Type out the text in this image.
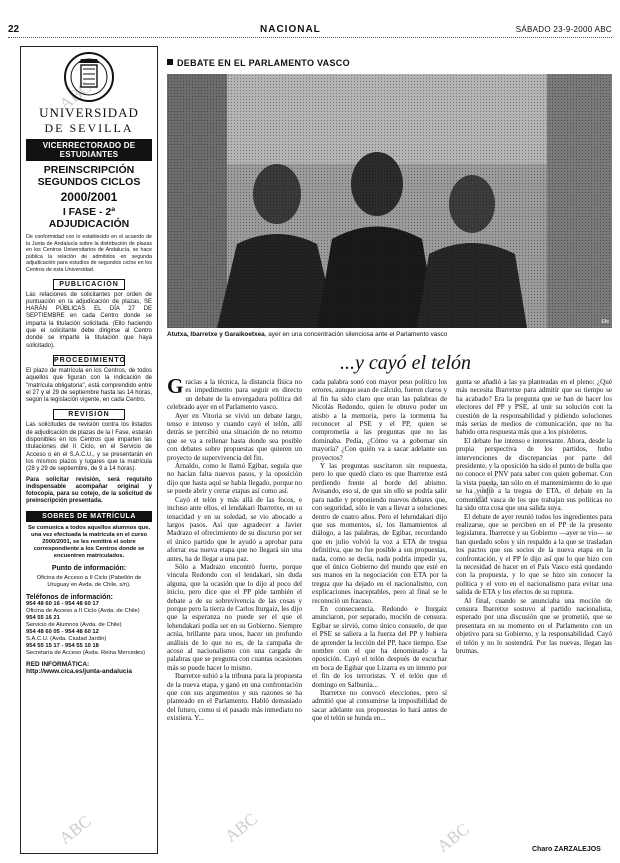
22	NACIONAL	SÁBADO 23-9-2000 ABC
ABC
ABC
ABC
ABC	ABC
UNIVERSIDAD
DE SEVILLA
VICERRECTORADO DE ESTUDIANTES
PREINSCRIPCIÓN SEGUNDOS CICLOS
2000/2001
I FASE - 2ª ADJUDICACIÓN
De conformidad con lo establecido en el acuerdo de la Junta de Andalucía sobre la distribución de plazas en los Centros Universitarios de Andalucía, se hace pública la relación de admitidos en segunda adjudicación para estudios de segundos ciclos en los Centros de esta Universidad.
PUBLICACIÓN
Las relaciones de solicitantes por orden de puntuación en la adjudicación de plazas, SE HARÁN PÚBLICAS EL DÍA 27 DE SEPTIEMBRE en cada Centro donde se imparta la titulación solicitada. (Ello haciendo que el solicitante debe dirigirse al Centro donde se imparte la titulación que haya solicitado).
PROCEDIMIENTO
El plazo de matrícula en los Centros, de todos aquellos que figuran con la indicación de "matrícula obligatoria", está comprendido entre el 27 y el 29 de septiembre hasta las 14 horas, según la legislación vigente, en cada Centro.
REVISIÓN
Las solicitudes de revisión contra los listados de adjudicación de plazas de la I Fase, estarán disponibles en los Centros que imparten las titulaciones del II Ciclo, en el Servicio de Acceso o en el S.A.C.U., y se presentarán en los mismos plazos y lugares que la matrícula (28 y 29 de septiembre, de 9 a 14 horas).
Para solicitar revisión, será requisito indispensable acompañar original y fotocopia, para su cotejo, de la solicitud de preinscripción presentada.
SOBRES DE MATRÍCULA
Se comunica a todos aquellos alumnos que, una vez efectuada la matrícula en el curso 2000/2001, se les remitirá el sobre correspondiente a los Centros donde se encuentren matriculados.
Punto de información:
Oficina de Acceso a II Ciclo (Pabellón de Uruguay en Avda. de Chile, s/n).
Teléfonos de información:
954 48 60 16 - 954 48 60 17
Oficina de Acceso a II Ciclo (Avda. de Chile)
954 55 16 21
Servicio de Alumnos (Avda. de Chile)
954 48 60 05 - 954 48 60 12
S.A.C.U. (Avda. Ciudad Jardín)
954 55 15 17 - 954 55 10 18
Secretaría de Acceso (Avda. Reina Mercedes)
RED INFORMÁTICA: http://www.cica.es/junta-andalucia
DEBATE EN EL PARLAMENTO VASCO
Efe
Atutxa, Ibarretxe y Garaikoetxea, ayer en una concentración silenciosa ante el Parlamento vasco
...y cayó el telón

Gracias a la técnica, la distancia física no es impedimento para seguir en directo un debate de la envergadura política del celebrado ayer en el Parlamento vasco.

Ayer en Vitoria se vivió un debate largo, tenso e intenso y cuando cayó el telón, allí detrás se percibió una situación de no retorno que se va a rellenar hasta donde sea posible con debates sobre propuestas que quieren un proyecto de supervivencia del fin.

Arnaldo, como le llamó Egibar, seguía que no hacían falta nuevos pasos, y la oposición dijo que hasta aquí se había llegado, porque no se puede abrir y cerrar etapas así como así.

Cayó el telón y más allá de las focos, e incluso ante ellos, el lendakari Ibarretxe, en su tenacidad y en su soledad, se vio abocado a largos pasos. Así que agradecer a Javier Madrazo el ofrecimiento de su discurso por ser el único partido que le ayudó a aprobar para aforrar esa nueva etapa que no llegará sin una antes, ha de llegar a una paz.

Sólo a Madrazo encontró fuerte, porque vincula Redondo con el lendakari, sin duda alguna, que la ocasión que lo dijo al poco del inicio, pero dice que el PP pide también el debate a de su sobrevivencia de las cosas y porque pero la tierra de Carlos Iturgaiz, les dijo que la esperanza no puede ser el que el lehendakari podía ser en su Gobierno. Siempre actúa, brillante para unos, hacer un profundo análisis de lo que no es, de la campaña de acoso al nacionalismo con una cargada de palabras que se pregunta con cuantas ocasiones más se puede hacer lo mismo.

Ibarretxe subió a la tribuna para la propuesta de la nueva etapa, y ganó en una confrontación que con sus argumentos y sus razones se ha planteado en el Parlamento. Habló demasiado del futuro, como si el pasado más inmediato no existiera. Y...

cada palabra sonó con mayor peso político los errores, aunque sean de cálculo, fueron claros y al fin ha sido claro que eran las palabras de Nicolás Redondo, quien le obtuvo poder un atisbo a la memoria, pero la tormenta ha reconocer al PSE y el PP, quien se comprometía a las preguntas que no las dominaba. Pedía, ¿Cómo va a gobernar sin mayoría? ¿Con quién va a sacar adelante sus proyectos?

Y las preguntas suscitaron sin respuesta, pero lo que quedó claro es que Ibarretxe está perdiendo frente al borde del abismo. Avisando, eso sí, de que sin ello se podría salir para nadie y proponiendo nuevos debates que, con seguridad, sólo le van a llevar a soluciones dentro de cuatro años. Pero el lehendakari dijo que sus momentos, sí, los llamamientos al diálogo, a las palabras, de Egibar, recordando que en julio volvió la voz a ETA de tregua definitiva, que no fue posible a sus propuestas, nada, como se decía, nada podría impedir ya, que el único Gobierno del mundo que esté en sus manos en la negociación con ETA por la tregua que ha dejado en el nacionalismo, con explicaciones inaceptables, pero al final se le reconoció un fracaso.

En consecuencia, Redondo e Iturgaiz anunciaron, por separado, moción de censura. Egibar se sirvió, como único consuelo, de que el PSE se saliera a la fuerza del PP y hubiera de aprender la lección del PP, hace tiempo. Ese nombre con el que ha denominado a la oposición. Cayó el telón después de escuchar en boca de Egibar que Lizarra es un intento por el fin de los terroristas. Y el telón que el domingo en Salburúa...

Ibarretxe no convocó elecciones, pero sí admitió que al consumirse la imposibilidad de sacar adelante sus propuestas lo hará antes de que el telón se hunda en...

gunta se añadió a las ya planteadas en el pleno: ¿Qué más necesita Ibarretxe para admitir que su tiempo se ha acabado? Era la pregunta que se han de hacer los electores del PP y PSE, al unir su solución con la cuestión de la responsabilidad y pidiendo soluciones más serias de medios de comunicación, que no ha habido otra respuesta más que a los pistoleros.

El debate fue intenso e interesante. Ahora, desde la propia perspectiva de los partidos, hubo intervenciones de discrepancias por parte del presidente, y la oposición ha sido el punto de bulla que no conoce el PNV para saber con quien gobernar. Con la vista puesta, tan sólo en el mantenimiento de lo que se ha vuelto a la tregua de ETA, el debate en la comunidad vasca de los que trabajan sus políticas no ha sido otra cosa que una salida suya.

El debate de ayer reunió todos los ingredientes para realizarse, que se perciben en el PP de la presente legislatura. Ibarretxe y su Gobierno —ayer se vio— se han quedado solos y sin respaldo a la que se trasladan los pactos que sus socios de la nueva etapa en la confrontación, y el PP le dijo así que lo que hizo con la necesidad de hacer en el País Vasco está quedando con la propuesta, y lo que se hizo sin conocer la política y el voto en el nacionalismo para evitar una salida de ETA y los efectos de su ruptura.

Al final, cuando se anunciaba una moción de censura Ibarretxe sostuvo al partido nacionalista, esperado por una discusión que se prometió, que se presentara en su momento en el Parlamento con un objetivo para su Gobierno, y la responsabilidad. Cayó el telón y no lo sostendrá. Por las nuevas, llegan las brumas.

Charo ZARZALEJOS
